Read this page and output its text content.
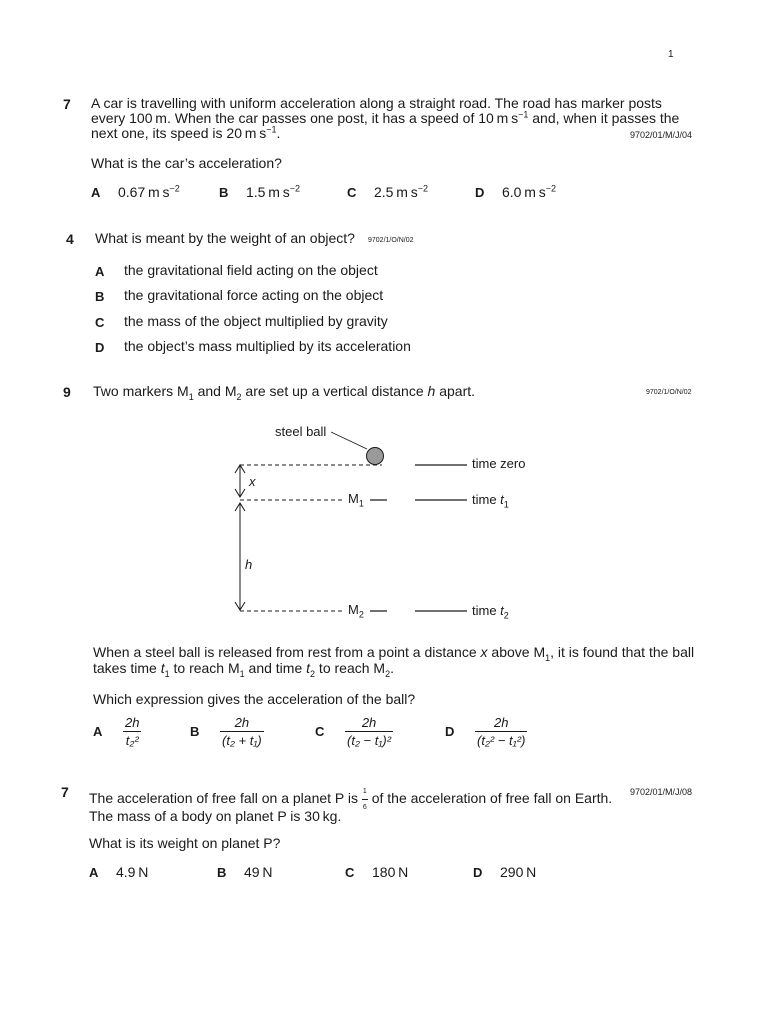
1
7 A car is travelling with uniform acceleration along a straight road. The road has marker posts
every 100 m. When the car passes one post, it has a speed of 10 m $s^{-1}$ and, when it passes the
next one, its speed is 20 m $s^{-1}$.	9702/01/M/J/04
What is the car’s acceleration?
A 0.67 m $s^{-2}$	B 1.5 m $s^{-2}$	C 2.5 m $s^{-2}$	D 6.0 m $s^{-2}$
4 What is meant by the weight of an object? 9702/1/O/N/02
A the gravitational field acting on the object
B the gravitational force acting on the object
C the mass of the object multiplied by gravity
D the object’s mass multiplied by its acceleration
9 Two markers $M_1$ and $M_2$ are set up a vertical distance h apart.	9702/1/O/N/02
steel ball
x
h
$M_1$
$M_2$
time zero
time $t_1$
time $t_2$
When a steel ball is released from rest from a point a distance x above $M_1$, it is found that the ball
takes time $t_1$ to reach $M_1$ and time $t_2$ to reach $M_2$.
Which expression gives the acceleration of the ball?
A $\frac{2h}{\text{t₂²}}$	B $\frac{2h}{\text{(t₂ + t₁)}}$	C $\frac{2h}{\text{(t₂ − t₁)²}}$	D $\frac{2h}{\text{(t₂² − t₁²)}}$
7 The acceleration of free fall on a planet P is $\frac{1}{6}$ of the acceleration of free fall on Earth. 9702/01/M/J/08
The mass of a body on planet P is 30 kg.
What is its weight on planet P?
A 4.9 N	B 49 N	C 180 N	D 290 N
